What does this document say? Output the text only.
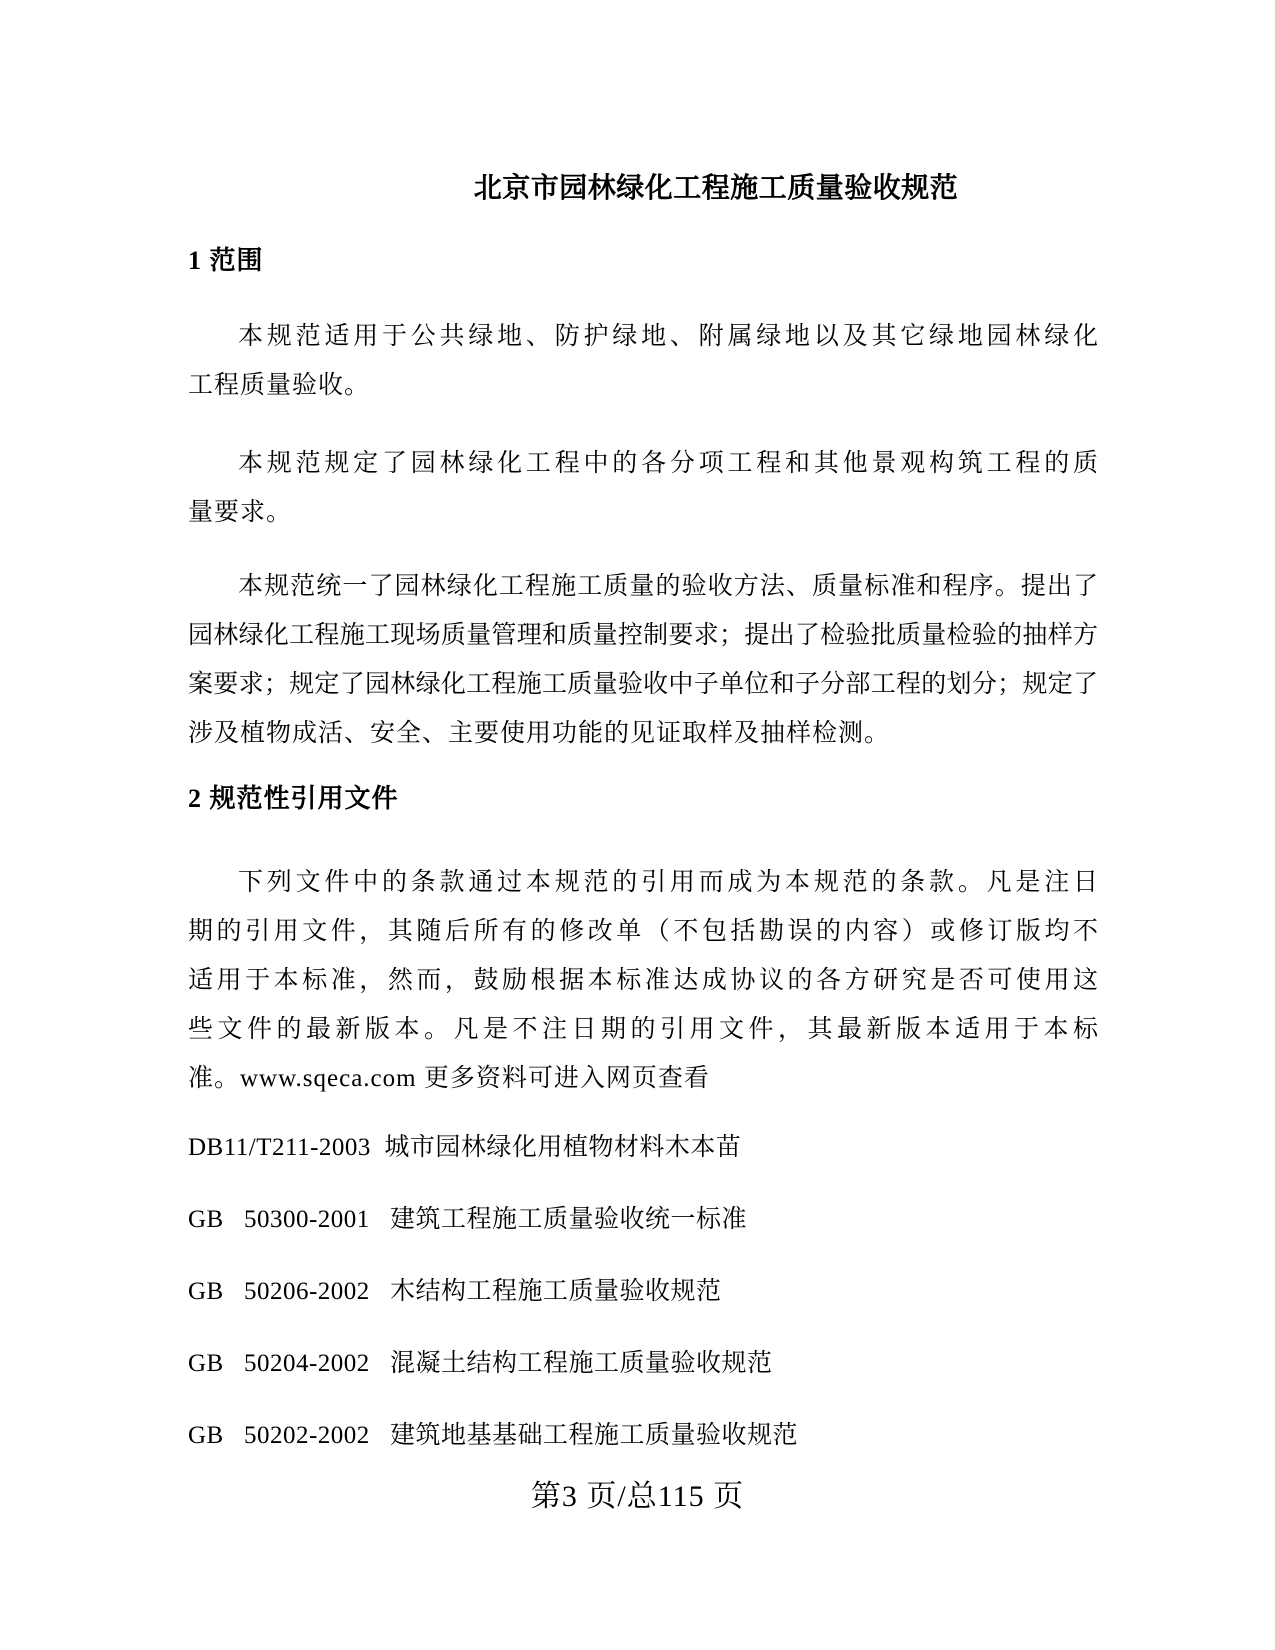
北京市园林绿化工程施工质量验收规范
1 范围
本规范适用于公共绿地、防护绿地、附属绿地以及其它绿地园林绿化
工程质量验收。
本规范规定了园林绿化工程中的各分项工程和其他景观构筑工程的质
量要求。
本规范统一了园林绿化工程施工质量的验收方法、质量标准和程序。提出了
园林绿化工程施工现场质量管理和质量控制要求；提出了检验批质量检验的抽样方
案要求；规定了园林绿化工程施工质量验收中子单位和子分部工程的划分；规定了
涉及植物成活、安全、主要使用功能的见证取样及抽样检测。
2 规范性引用文件
下列文件中的条款通过本规范的引用而成为本规范的条款。凡是注日
期的引用文件，其随后所有的修改单（不包括勘误的内容）或修订版均不
适用于本标准，然而，鼓励根据本标准达成协议的各方研究是否可使用这
些文件的最新版本。凡是不注日期的引用文件，其最新版本适用于本标
准。www.sqeca.com 更多资料可进入网页查看
DB11/T211-2003  城市园林绿化用植物材料木本苗
GB   50300-2001   建筑工程施工质量验收统一标准
GB   50206-2002   木结构工程施工质量验收规范
GB   50204-2002   混凝土结构工程施工质量验收规范
GB   50202-2002   建筑地基基础工程施工质量验收规范
第3 页/总115 页
